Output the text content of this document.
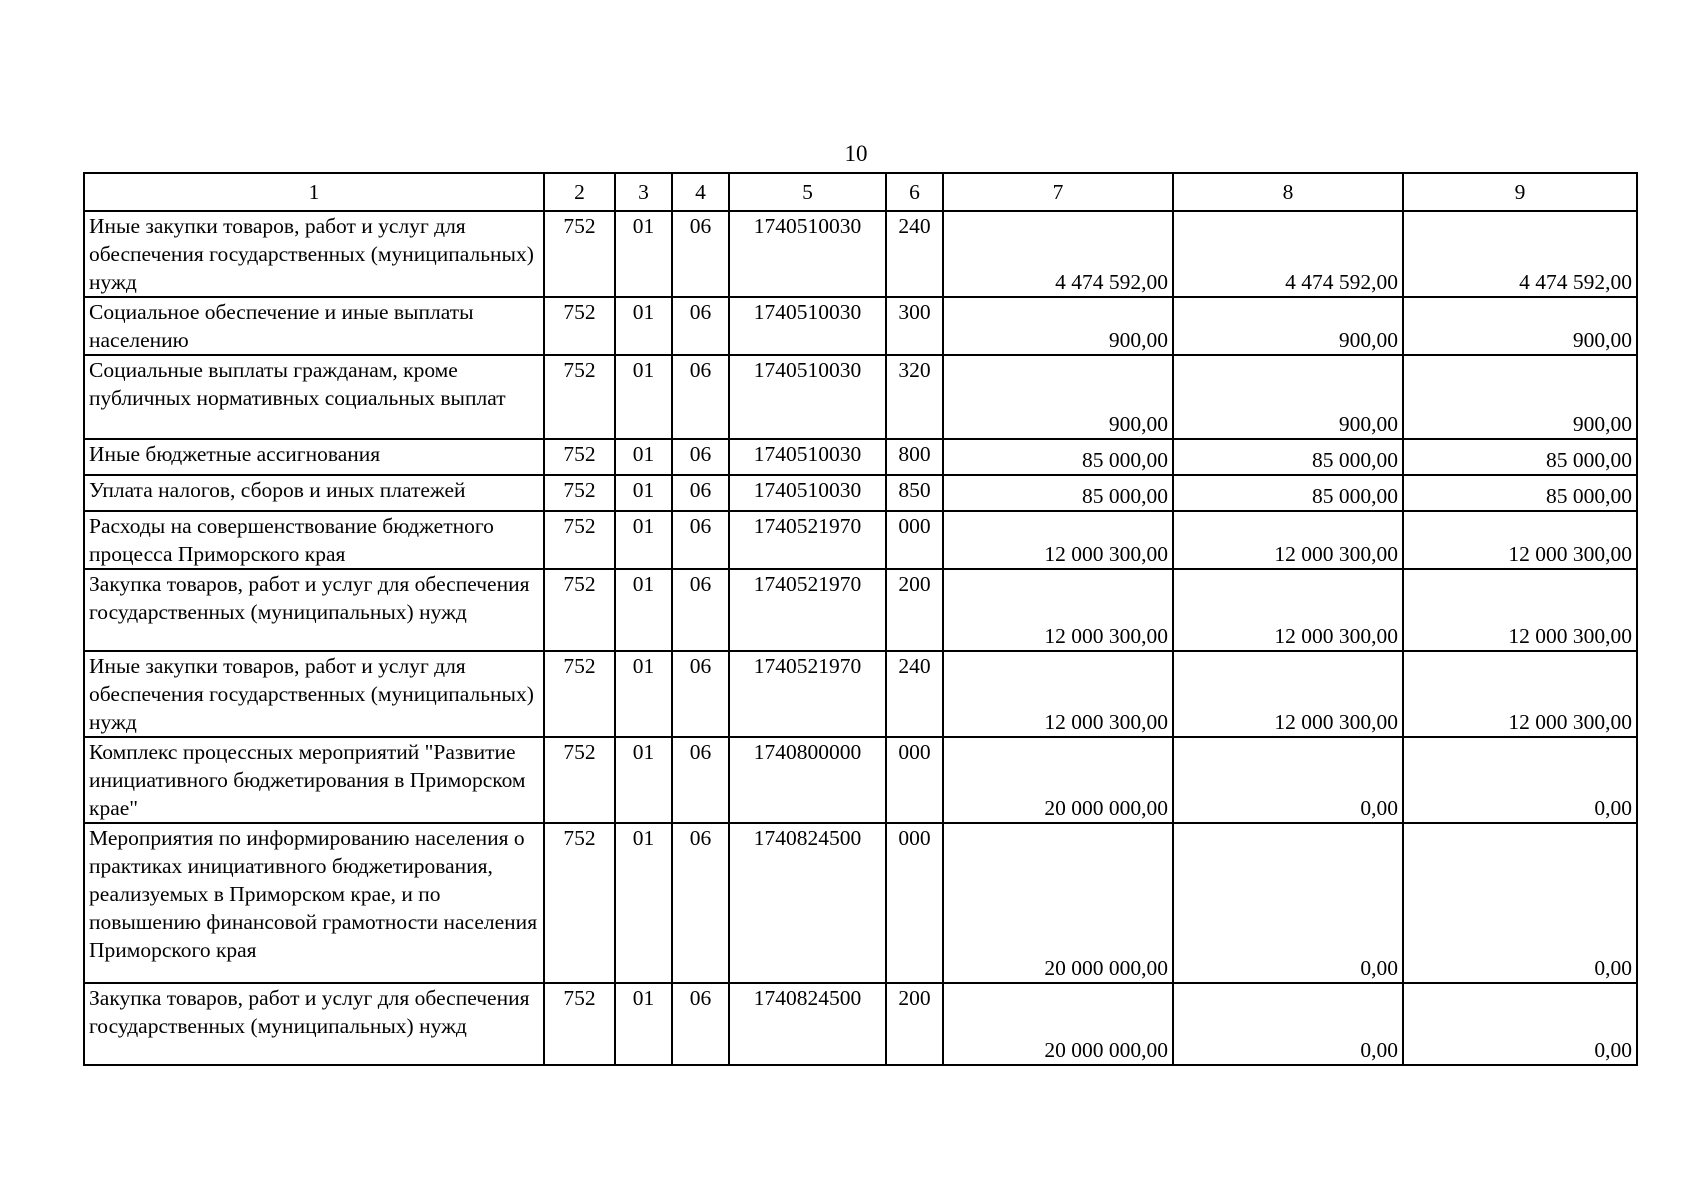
10
1	2	3	4	5	6	7	8	9
Иные закупки товаров, работ и услуг для обеспечения государственных (муниципальных) нужд	752	01	06	1740510030	240	4 474 592,00	4 474 592,00	4 474 592,00
Социальное обеспечение и иные выплаты населению	752	01	06	1740510030	300	900,00	900,00	900,00
Социальные выплаты гражданам, кроме публичных нормативных социальных выплат	752	01	06	1740510030	320	900,00	900,00	900,00
Иные бюджетные ассигнования	752	01	06	1740510030	800	85 000,00	85 000,00	85 000,00
Уплата налогов, сборов и иных платежей	752	01	06	1740510030	850	85 000,00	85 000,00	85 000,00
Расходы на совершенствование бюджетного процесса Приморского края	752	01	06	1740521970	000	12 000 300,00	12 000 300,00	12 000 300,00
Закупка товаров, работ и услуг для обеспечения государственных (муниципальных) нужд	752	01	06	1740521970	200	12 000 300,00	12 000 300,00	12 000 300,00
Иные закупки товаров, работ и услуг для обеспечения государственных (муниципальных) нужд	752	01	06	1740521970	240	12 000 300,00	12 000 300,00	12 000 300,00
Комплекс процессных мероприятий "Развитие инициативного бюджетирования в Приморском крае"	752	01	06	1740800000	000	20 000 000,00	0,00	0,00
Мероприятия по информированию населения о практиках инициативного бюджетирования, реализуемых в Приморском крае, и по повышению финансовой грамотности населения Приморского края	752	01	06	1740824500	000	20 000 000,00	0,00	0,00
Закупка товаров, работ и услуг для обеспечения государственных (муниципальных) нужд	752	01	06	1740824500	200	20 000 000,00	0,00	0,00
